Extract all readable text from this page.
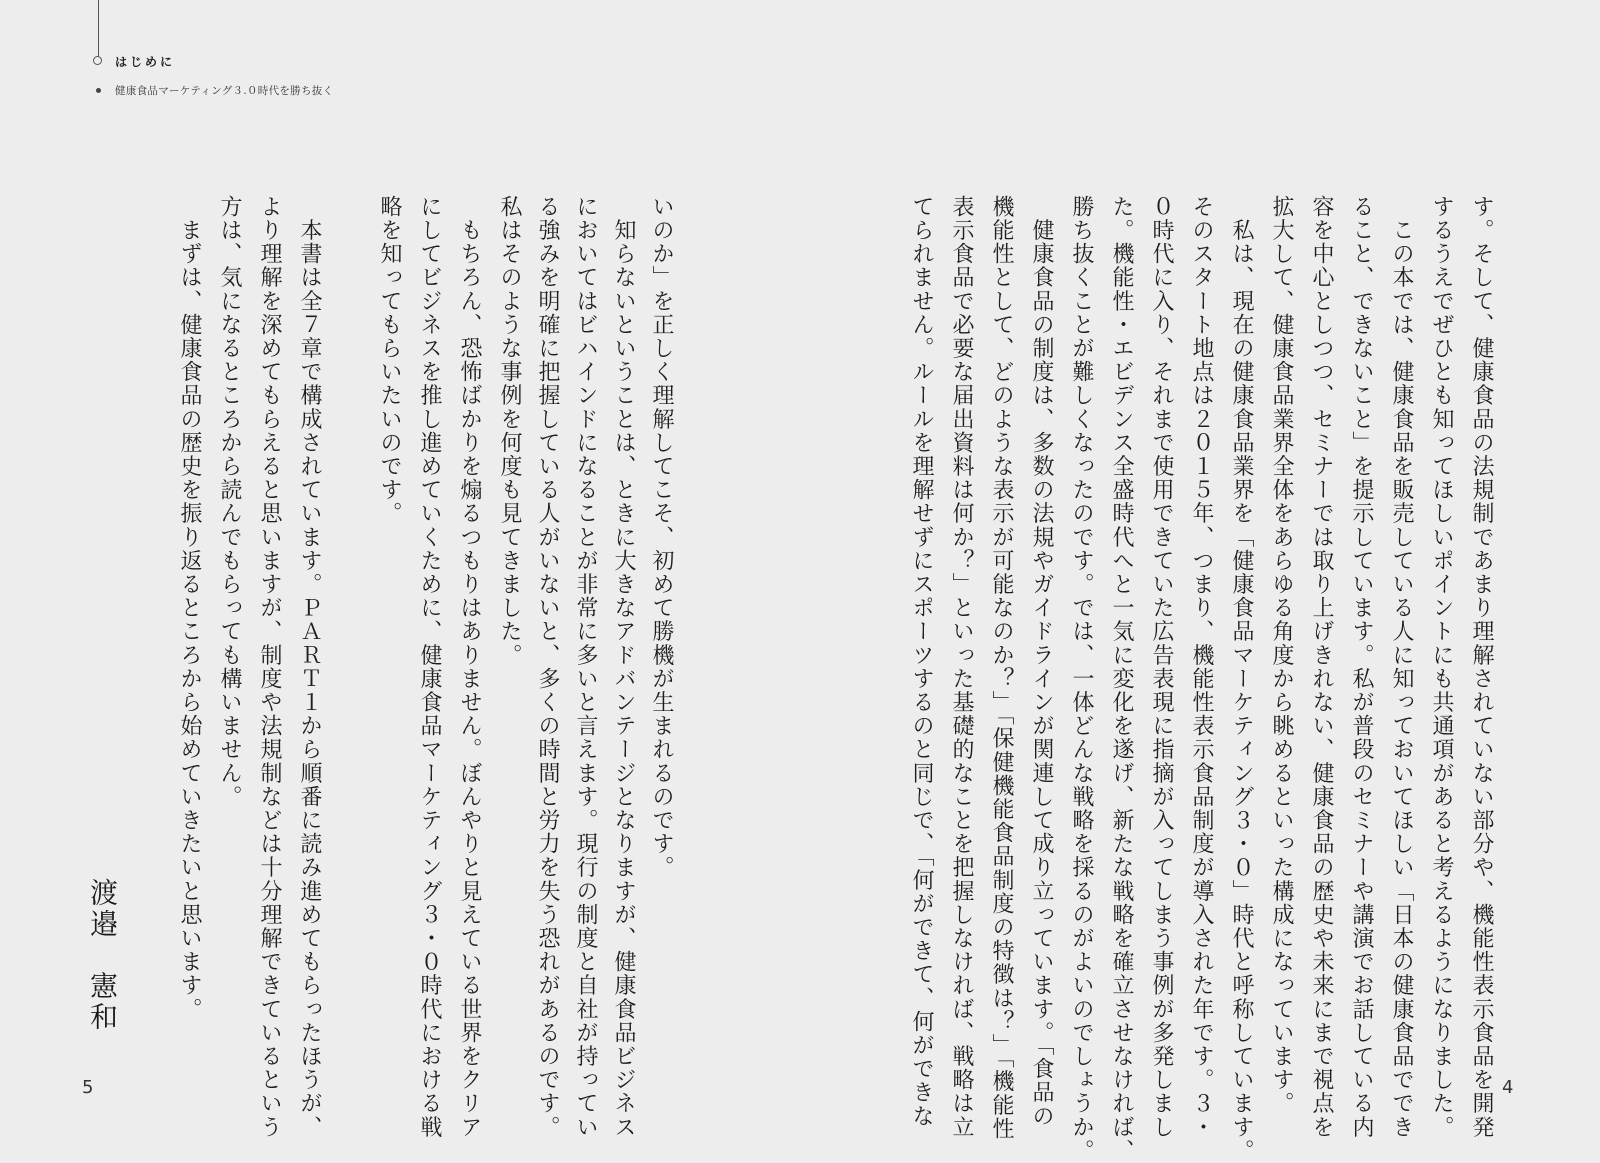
はじめに
健康食品マーケティング３.０時代を勝ち抜く
す。そして、健康食品の法規制であまり理解されていない部分や、機能性表示食品を開発
するうえでぜひとも知ってほしいポイントにも共通項があると考えるようになりました。
　この本では、健康食品を販売している人に知っておいてほしい「日本の健康食品ででき
ること、できないこと」を提示しています。私が普段のセミナーや講演でお話している内
容を中心としつつ、セミナーでは取り上げきれない、健康食品の歴史や未来にまで視点を
拡大して、健康食品業界全体をあらゆる角度から眺めるといった構成になっています。
　私は、現在の健康食品業界を「健康食品マーケティング３・０」時代と呼称しています。
そのスタート地点は２０１５年、つまり、機能性表示食品制度が導入された年です。３・
０時代に入り、それまで使用できていた広告表現に指摘が入ってしまう事例が多発しまし
た。機能性・エビデンス全盛時代へと一気に変化を遂げ、新たな戦略を確立させなければ、
勝ち抜くことが難しくなったのです。では、一体どんな戦略を採るのがよいのでしょうか。
　健康食品の制度は、多数の法規やガイドラインが関連して成り立っています。「食品の
機能性として、どのような表示が可能なのか？」「保健機能食品制度の特徴は？」「機能性
表示食品で必要な届出資料は何か？」といった基礎的なことを把握しなければ、戦略は立
てられません。ルールを理解せずにスポーツするのと同じで、「何ができて、何ができな
いのか」を正しく理解してこそ、初めて勝機が生まれるのです。
　知らないということは、ときに大きなアドバンテージとなりますが、健康食品ビジネス
においてはビハインドになることが非常に多いと言えます。現行の制度と自社が持ってい
る強みを明確に把握している人がいないと、多くの時間と労力を失う恐れがあるのです。
私はそのような事例を何度も見てきました。
　もちろん、恐怖ばかりを煽るつもりはありません。ぼんやりと見えている世界をクリア
にしてビジネスを推し進めていくために、健康食品マーケティング３・０時代における戦
略を知ってもらいたいのです。
　本書は全７章で構成されています。ＰＡＲＴ１から順番に読み進めてもらったほうが、
より理解を深めてもらえると思いますが、制度や法規制などは十分理解できているという
方は、気になるところから読んでもらっても構いません。
　まずは、健康食品の歴史を振り返るところから始めていきたいと思います。
渡邉　憲和
4
5
